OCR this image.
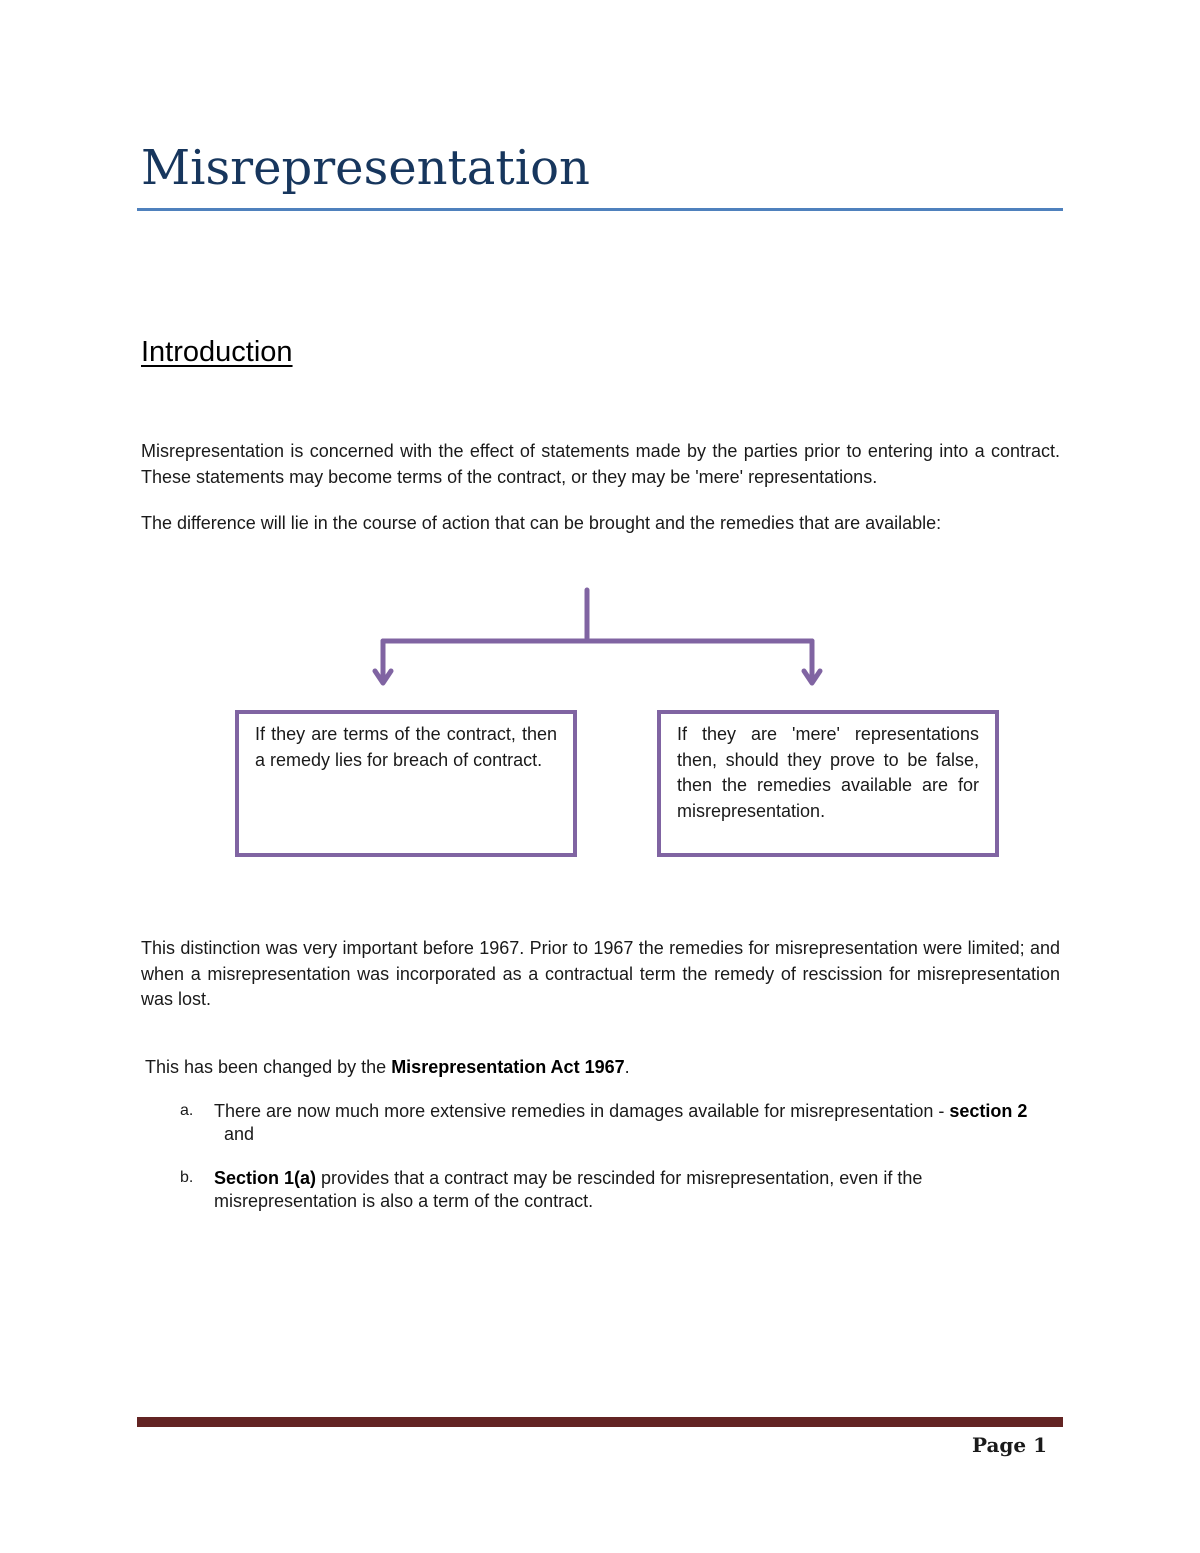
Misrepresentation
Introduction

Misrepresentation is concerned with the effect of statements made by the parties prior to entering into a contract. These statements may become terms of the contract, or they may be 'mere' representations.

The difference will lie in the course of action that can be brought and the remedies that are available:

If they are terms of the contract, then a remedy lies for breach of contract.
If they are 'mere' representations then, should they prove to be false, then the remedies available are for misrepresentation.

This distinction was very important before 1967. Prior to 1967 the remedies for misrepresentation were limited; and when a misrepresentation was incorporated as a contractual term the remedy of rescission for misrepresentation was lost.

This has been changed by the Misrepresentation Act 1967.

a. There are now much more extensive remedies in damages available for misrepresentation - section 2  and
b. Section 1(a) provides that a contract may be rescinded for misrepresentation, even if the misrepresentation is also a term of the contract.
Page 1
